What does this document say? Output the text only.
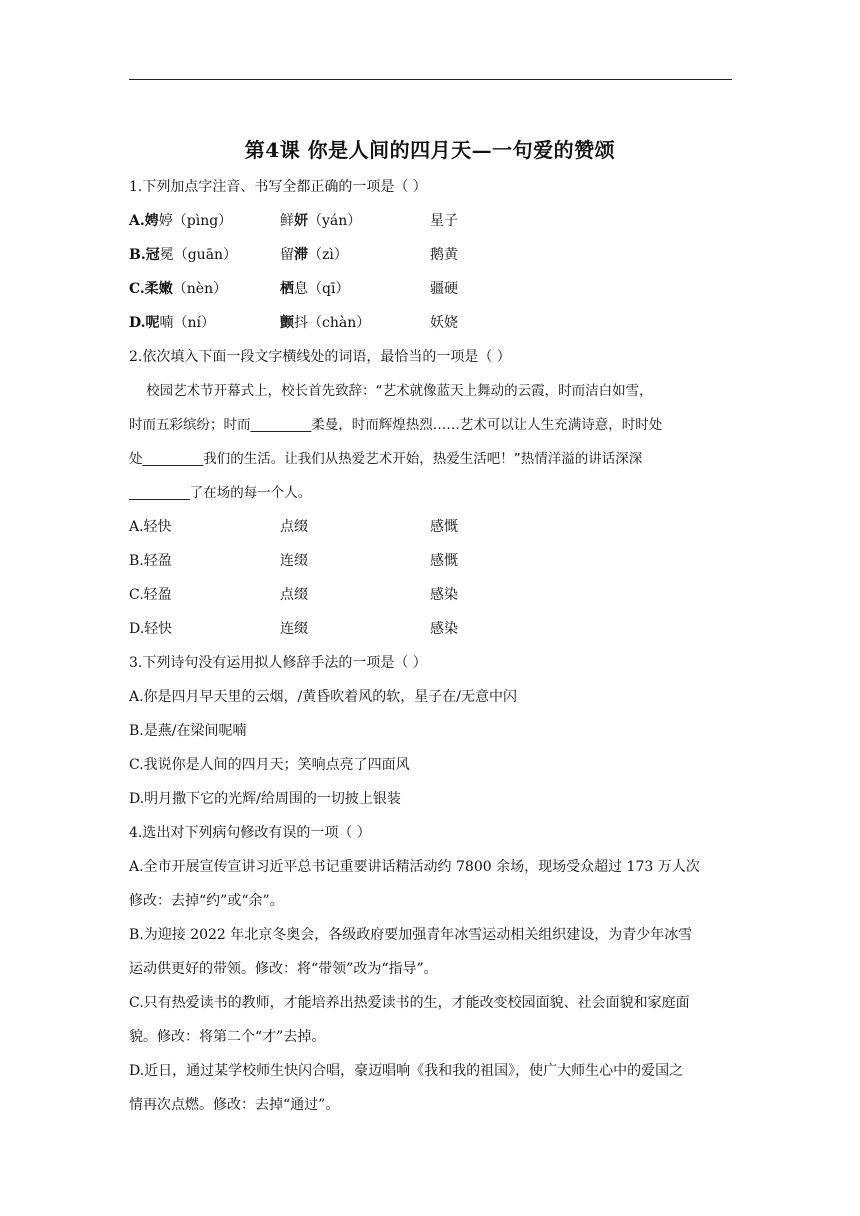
第4课 你是人间的四月天—一句爱的赞颂
1.下列加点字注音、书写全都正确的一项是（ ）
A.娉婷（pìng）	鲜妍（yán）	星子
B.冠冕（guān）	留滞（zì）	鹅黄
C.柔嫩（nèn）	栖息（qī）	疆硬
D.呢喃（ní）	颤抖（chàn）	妖娆
2.依次填入下面一段文字横线处的词语，最恰当的一项是（ ）
校园艺术节开幕式上，校长首先致辞：“艺术就像蓝天上舞动的云霞，时而洁白如雪，
时而五彩缤纷；时而_________柔曼，时而辉煌热烈……艺术可以让人生充满诗意，时时处
处_________我们的生活。让我们从热爱艺术开始，热爱生活吧！”热情洋溢的讲话深深
_________了在场的每一个人。
A.轻快	点缀	感慨
B.轻盈	连缀	感慨
C.轻盈	点缀	感染
D.轻快	连缀	感染
3.下列诗句没有运用拟人修辞手法的一项是（ ）
A.你是四月早天里的云烟，/黄昏吹着风的软，星子在/无意中闪
B.是燕/在梁间呢喃
C.我说你是人间的四月天；笑响点亮了四面风
D.明月撒下它的光辉/给周围的一切披上银装
4.选出对下列病句修改有误的一项（ ）
A.全市开展宣传宣讲习近平总书记重要讲话精活动约 7800 余场，现场受众超过 173 万人次
修改：去掉“约”或“余”。
B.为迎接 2022 年北京冬奥会，各级政府要加强青年冰雪运动相关组织建设，为青少年冰雪
运动供更好的带领。修改：将“带领”改为“指导”。
C.只有热爱读书的教师，才能培养出热爱读书的生，才能改变校园面貌、社会面貌和家庭面
貌。修改：将第二个“才”去掉。
D.近日，通过某学校师生快闪合唱，豪迈唱响《我和我的祖国》，使广大师生心中的爱国之
情再次点燃。修改：去掉“通过”。
